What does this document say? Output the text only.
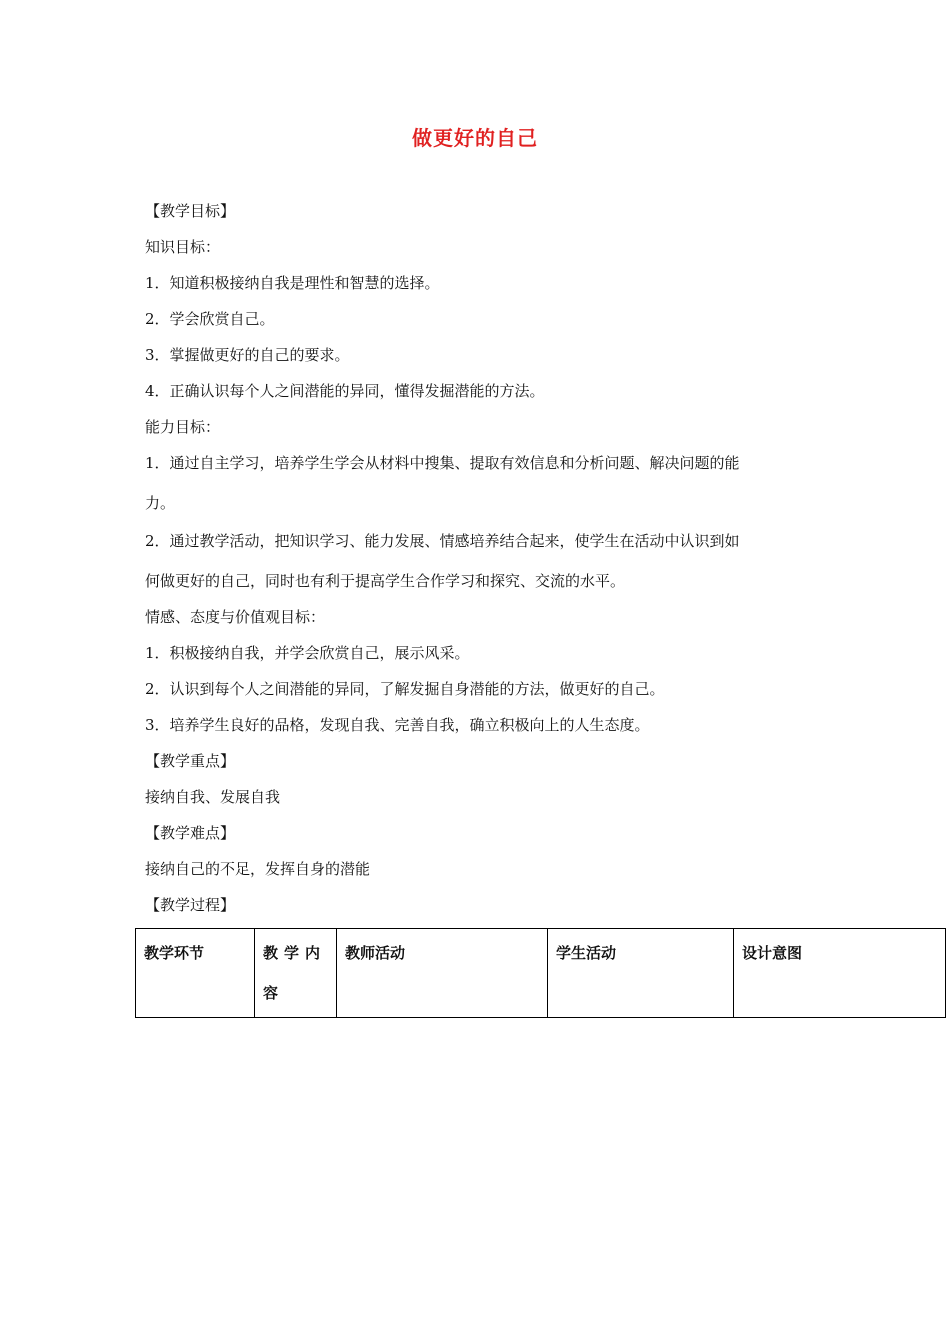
做更好的自己
【教学目标】
知识目标：
1．知道积极接纳自我是理性和智慧的选择。
2．学会欣赏自己。
3．掌握做更好的自己的要求。
4．正确认识每个人之间潜能的异同，懂得发掘潜能的方法。
能力目标：
1．通过自主学习，培养学生学会从材料中搜集、提取有效信息和分析问题、解决问题的能
力。
2．通过教学活动，把知识学习、能力发展、情感培养结合起来，使学生在活动中认识到如
何做更好的自己，同时也有利于提高学生合作学习和探究、交流的水平。
情感、态度与价值观目标：
1．积极接纳自我，并学会欣赏自己，展示风采。
2．认识到每个人之间潜能的异同，了解发掘自身潜能的方法，做更好的自己。
3．培养学生良好的品格，发现自我、完善自我，确立积极向上的人生态度。
【教学重点】
接纳自我、发展自我
【教学难点】
接纳自己的不足，发挥自身的潜能
【教学过程】
教学环节	教学内容	教师活动	学生活动	设计意图
